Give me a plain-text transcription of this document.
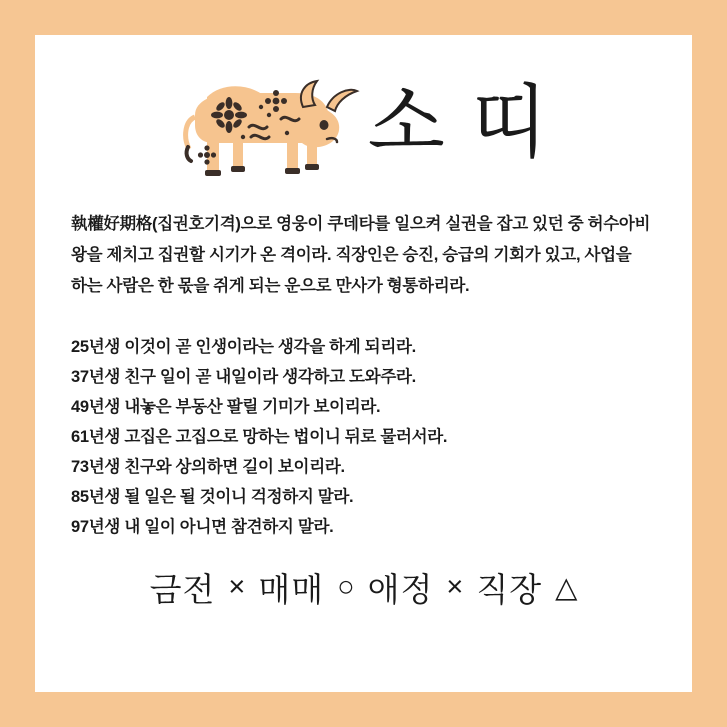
소 띠
執權好期格(집권호기격)으로 영웅이 쿠데타를 일으켜 실권을 잡고 있던 중 허수아비 왕을 제치고 집권할 시기가 온 격이라. 직장인은 승진, 승급의 기회가 있고, 사업을 하는 사람은 한 몫을 쥐게 되는 운으로 만사가 형통하리라.
25년생 이것이 곧 인생이라는 생각을 하게 되리라.
37년생 친구 일이 곧 내일이라 생각하고 도와주라.
49년생 내놓은 부동산 팔릴 기미가 보이리라.
61년생 고집은 고집으로 망하는 법이니 뒤로 물러서라.
73년생 친구와 상의하면 길이 보이리라.
85년생 될 일은 될 것이니 걱정하지 말라.
97년생 내 일이 아니면 참견하지 말라.
금전 × 매매 ○ 애정 × 직장 △
